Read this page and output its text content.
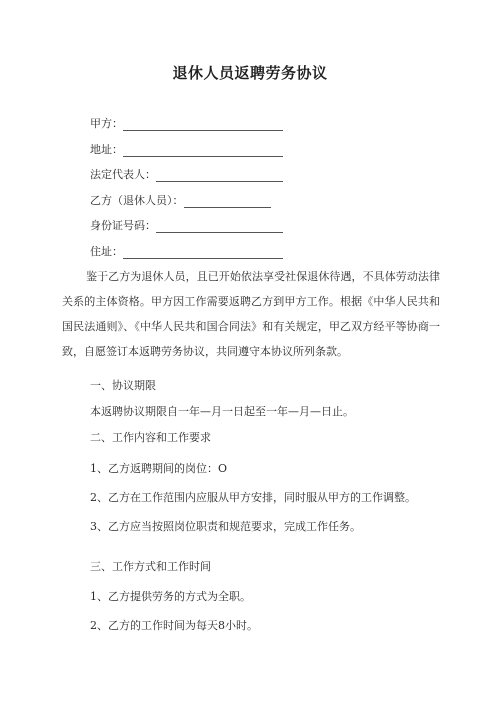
退休人员返聘劳务协议
甲方：
地址：
法定代表人：
乙方（退休人员）：
身份证号码：
住址：
鉴于乙方为退休人员，且已开始依法享受社保退休待遇，不具体劳动法律关系的主体资格。甲方因工作需要返聘乙方到甲方工作。根据《中华人民共和国民法通则》、《中华人民共和国合同法》和有关规定，甲乙双方经平等协商一致，自愿签订本返聘劳务协议，共同遵守本协议所列条款。
一、协议期限
本返聘协议期限自一年—月一日起至一年—月—日止。
二、工作内容和工作要求
1、乙方返聘期间的岗位：O
2、乙方在工作范围内应服从甲方安排，同时服从甲方的工作调整。
3、乙方应当按照岗位职责和规范要求，完成工作任务。
三、工作方式和工作时间
1、乙方提供劳务的方式为全职。
2、乙方的工作时间为每天8小时。
